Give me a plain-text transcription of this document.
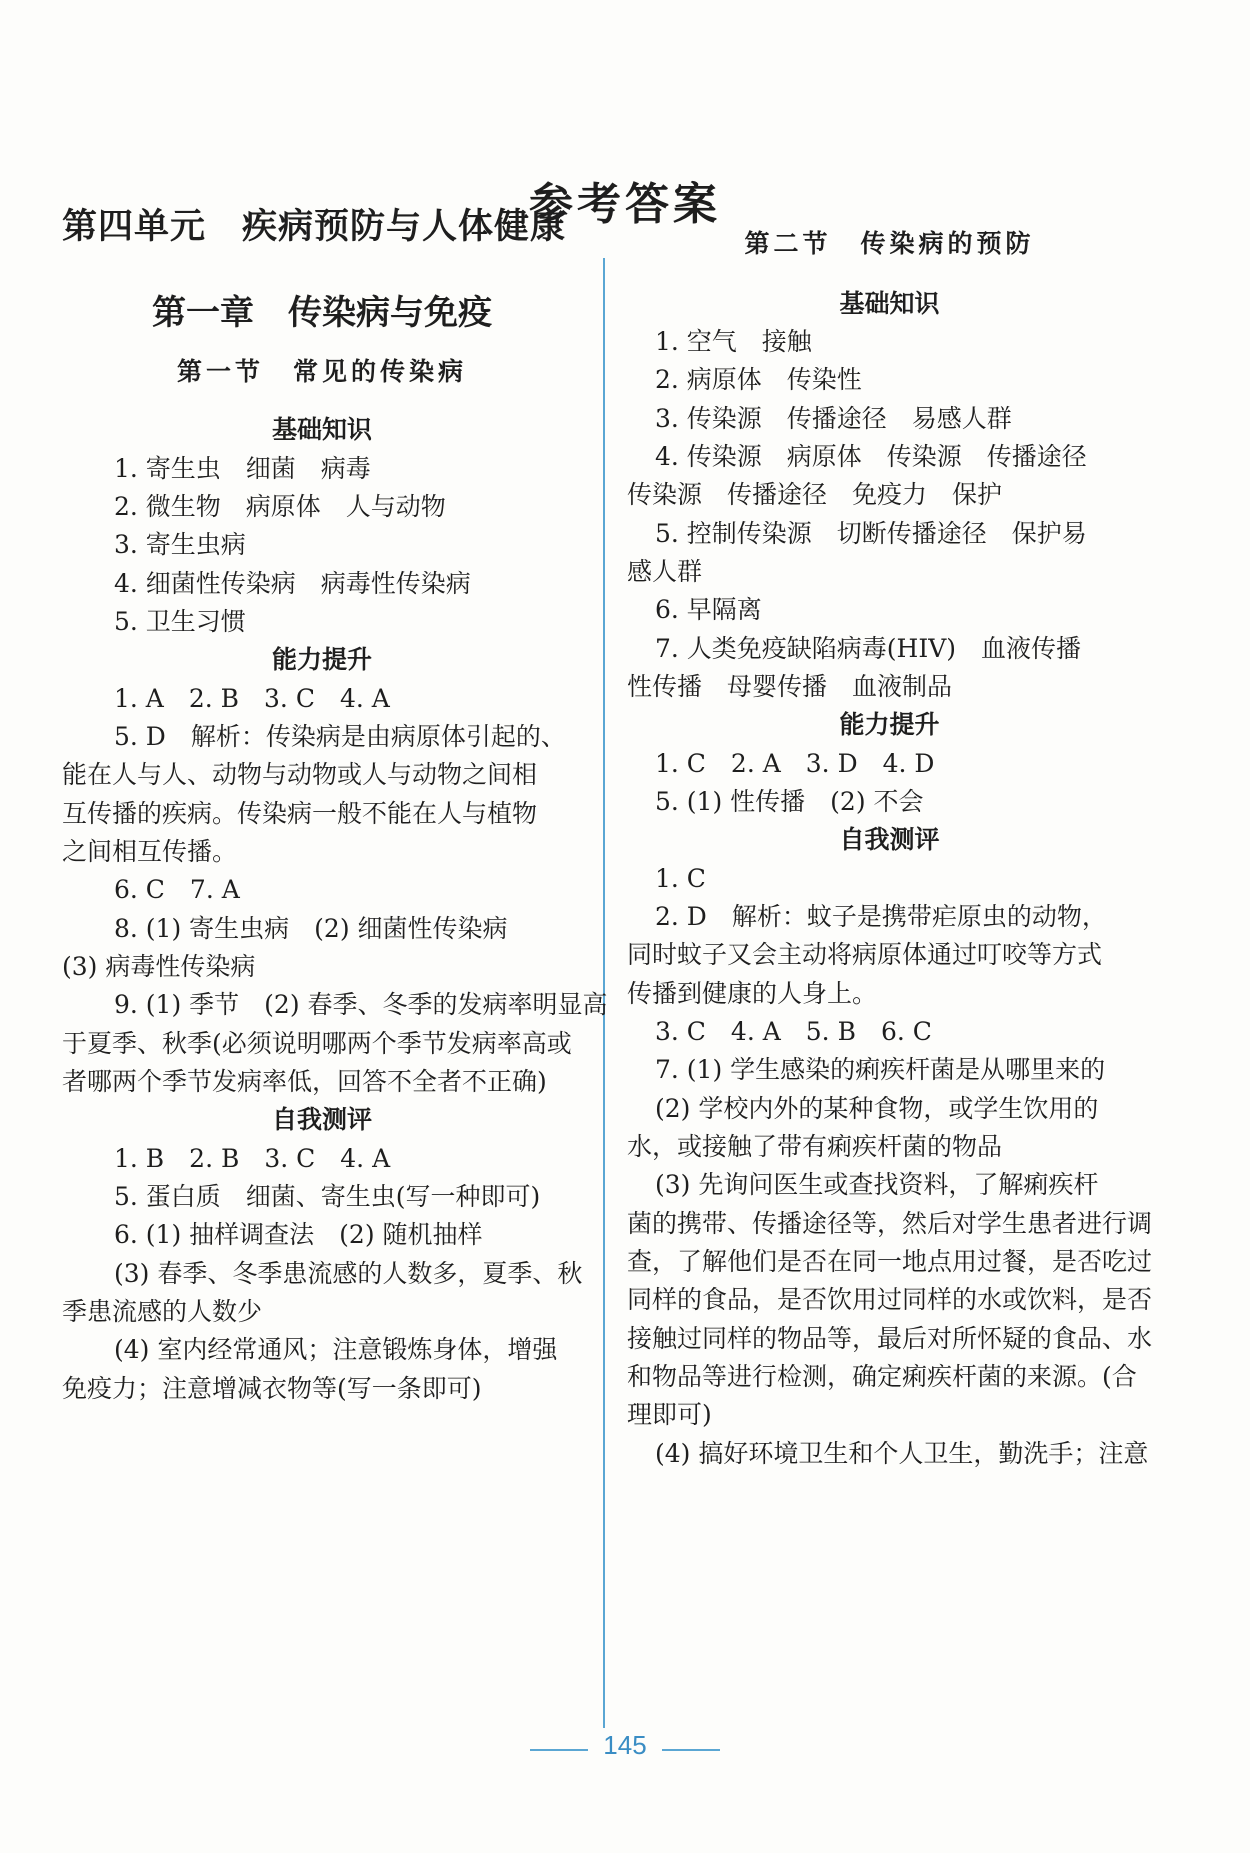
参考答案
第四单元　疾病预防与人体健康
第一章　传染病与免疫
第一节　常见的传染病
基础知识
1. 寄生虫　细菌　病毒
2. 微生物　病原体　人与动物
3. 寄生虫病
4. 细菌性传染病　病毒性传染病
5. 卫生习惯
能力提升
1. A　2. B　3. C　4. A
5. D　解析：传染病是由病原体引起的、
能在人与人、动物与动物或人与动物之间相
互传播的疾病。传染病一般不能在人与植物
之间相互传播。
6. C　7. A
8. (1) 寄生虫病　(2) 细菌性传染病
(3) 病毒性传染病
9. (1) 季节　(2) 春季、冬季的发病率明显高
于夏季、秋季(必须说明哪两个季节发病率高或
者哪两个季节发病率低，回答不全者不正确)
自我测评
1. B　2. B　3. C　4. A
5. 蛋白质　细菌、寄生虫(写一种即可)
6. (1) 抽样调查法　(2) 随机抽样
(3) 春季、冬季患流感的人数多，夏季、秋
季患流感的人数少
(4) 室内经常通风；注意锻炼身体，增强
免疫力；注意增减衣物等(写一条即可)
第二节　传染病的预防
基础知识
1. 空气　接触
2. 病原体　传染性
3. 传染源　传播途径　易感人群
4. 传染源　病原体　传染源　传播途径
传染源　传播途径　免疫力　保护
5. 控制传染源　切断传播途径　保护易
感人群
6. 早隔离
7. 人类免疫缺陷病毒(HIV)　血液传播
性传播　母婴传播　血液制品
能力提升
1. C　2. A　3. D　4. D
5. (1) 性传播　(2) 不会
自我测评
1. C
2. D　解析：蚊子是携带疟原虫的动物，
同时蚊子又会主动将病原体通过叮咬等方式
传播到健康的人身上。
3. C　4. A　5. B　6. C
7. (1) 学生感染的痢疾杆菌是从哪里来的
(2) 学校内外的某种食物，或学生饮用的
水，或接触了带有痢疾杆菌的物品
(3) 先询问医生或查找资料，了解痢疾杆
菌的携带、传播途径等，然后对学生患者进行调
查，了解他们是否在同一地点用过餐，是否吃过
同样的食品，是否饮用过同样的水或饮料，是否
接触过同样的物品等，最后对所怀疑的食品、水
和物品等进行检测，确定痢疾杆菌的来源。(合
理即可)
(4) 搞好环境卫生和个人卫生，勤洗手；注意
145
